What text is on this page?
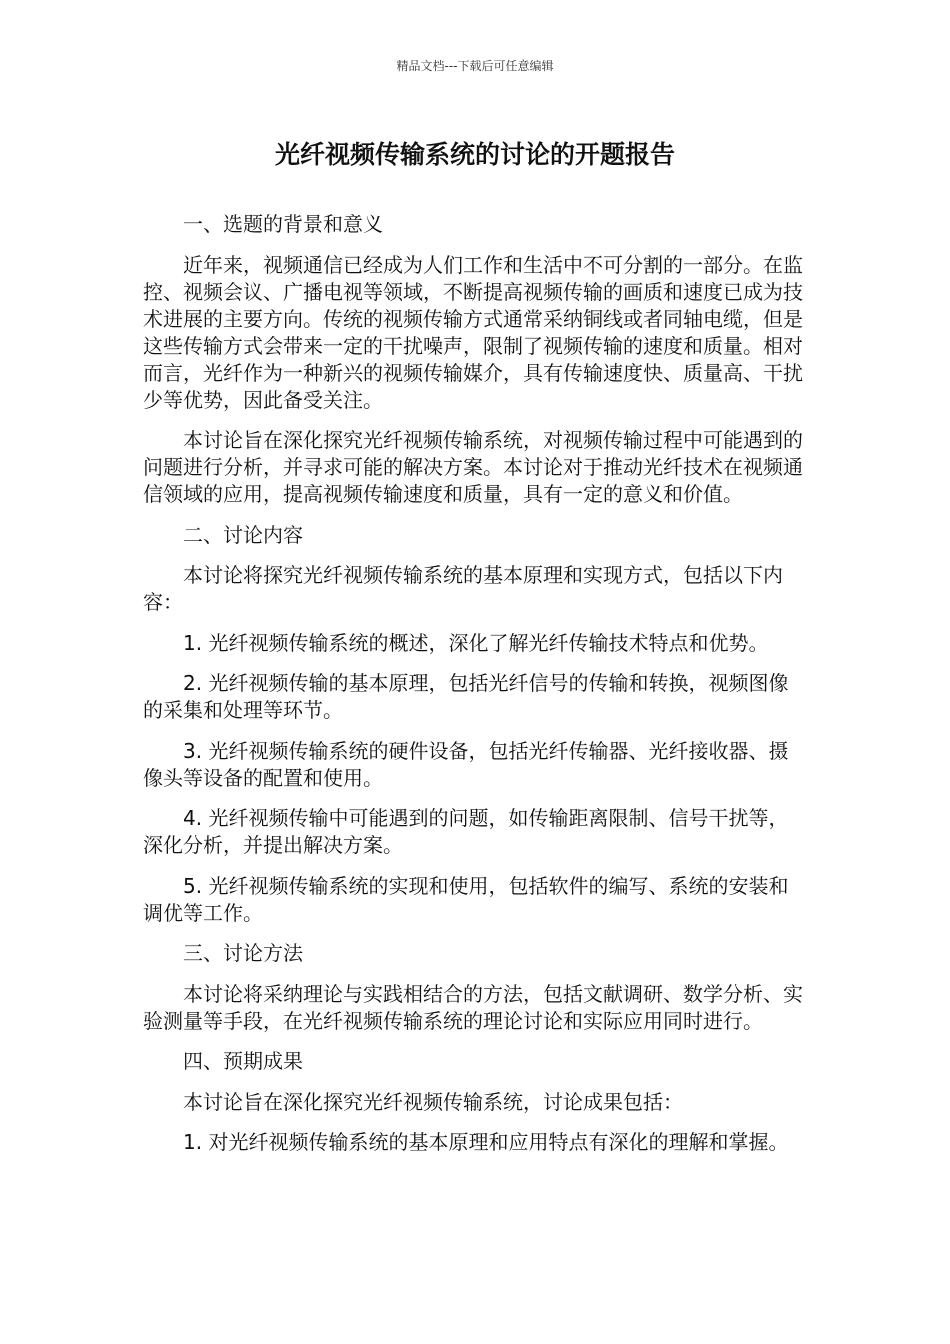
精品文档---下载后可任意编辑
光纤视频传输系统的讨论的开题报告

一、选题的背景和意义

近年来，视频通信已经成为人们工作和生活中不可分割的一部分。在监控、视频会议、广播电视等领域，不断提高视频传输的画质和速度已成为技术进展的主要方向。传统的视频传输方式通常采纳铜线或者同轴电缆，但是这些传输方式会带来一定的干扰噪声，限制了视频传输的速度和质量。相对而言，光纤作为一种新兴的视频传输媒介，具有传输速度快、质量高、干扰少等优势，因此备受关注。

本讨论旨在深化探究光纤视频传输系统，对视频传输过程中可能遇到的问题进行分析，并寻求可能的解决方案。本讨论对于推动光纤技术在视频通信领域的应用，提高视频传输速度和质量，具有一定的意义和价值。

二、讨论内容

本讨论将探究光纤视频传输系统的基本原理和实现方式，包括以下内容：

1. 光纤视频传输系统的概述，深化了解光纤传输技术特点和优势。

2. 光纤视频传输的基本原理，包括光纤信号的传输和转换，视频图像的采集和处理等环节。

3. 光纤视频传输系统的硬件设备，包括光纤传输器、光纤接收器、摄像头等设备的配置和使用。

4. 光纤视频传输中可能遇到的问题，如传输距离限制、信号干扰等，深化分析，并提出解决方案。

5. 光纤视频传输系统的实现和使用，包括软件的编写、系统的安装和调优等工作。

三、讨论方法

本讨论将采纳理论与实践相结合的方法，包括文献调研、数学分析、实验测量等手段，在光纤视频传输系统的理论讨论和实际应用同时进行。

四、预期成果

本讨论旨在深化探究光纤视频传输系统，讨论成果包括：

1. 对光纤视频传输系统的基本原理和应用特点有深化的理解和掌握。
